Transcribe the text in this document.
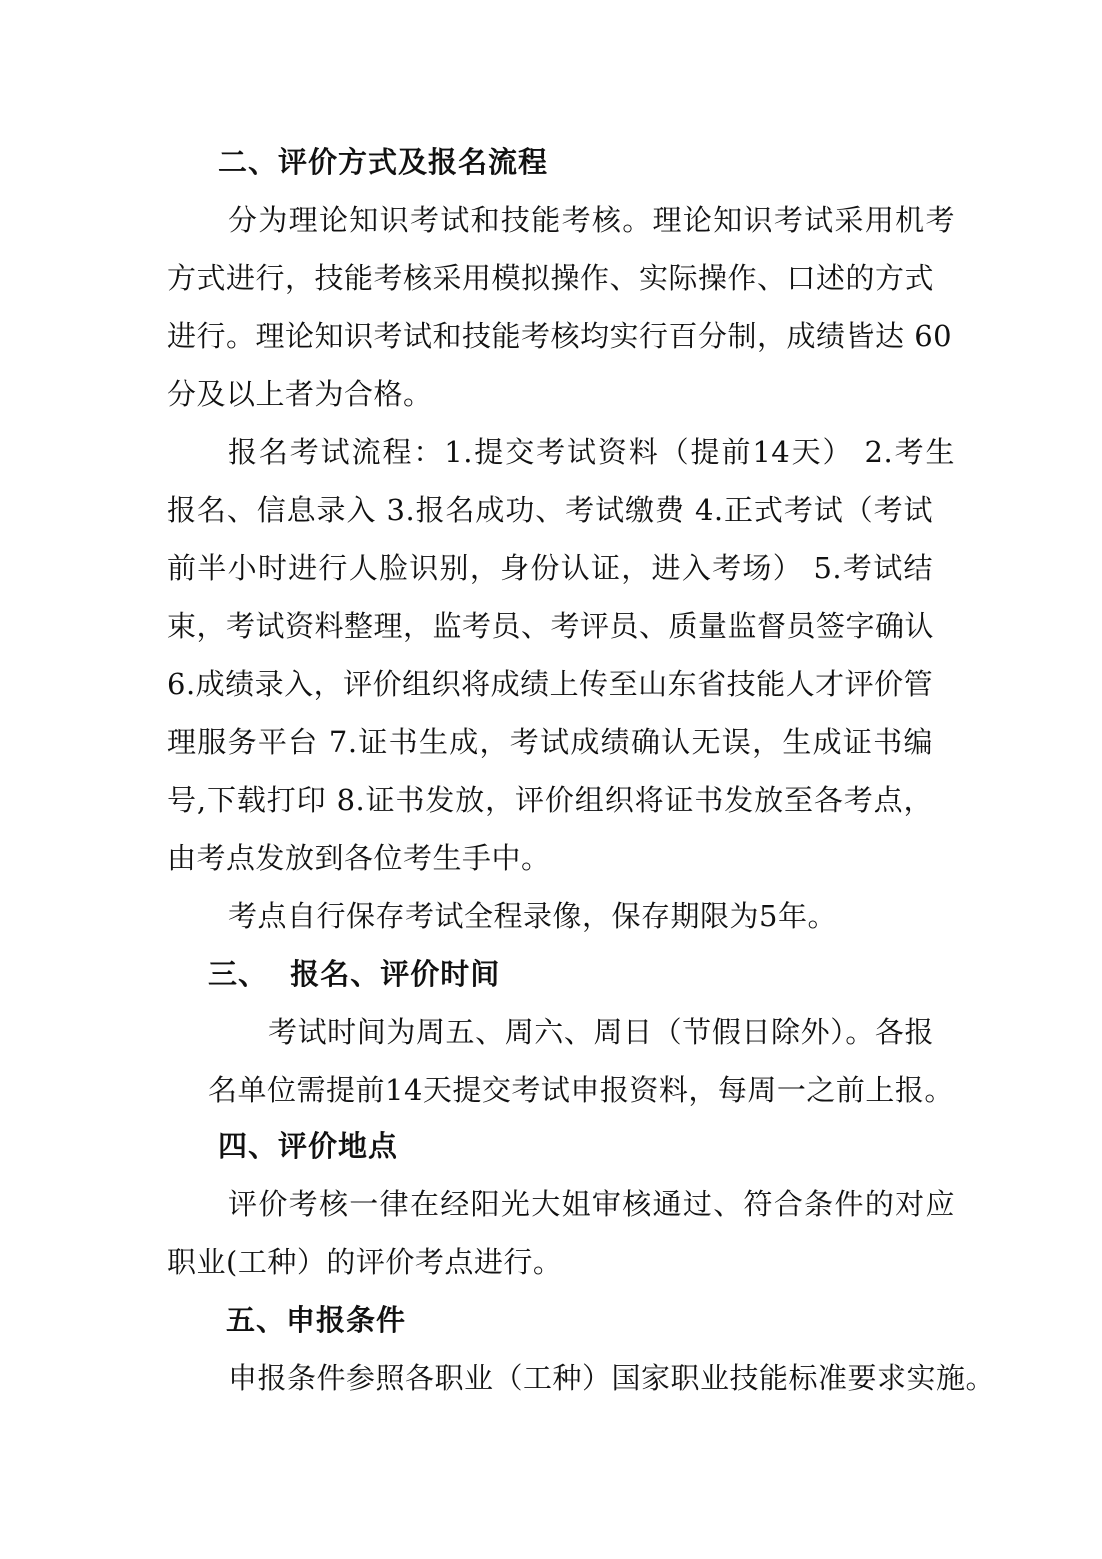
二、评价方式及报名流程
分为理论知识考试和技能考核。理论知识考试采用机考
方式进行，技能考核采用模拟操作、实际操作、口述的方式
进行。理论知识考试和技能考核均实行百分制，成绩皆达 60
分及以上者为合格。
报名考试流程：1.提交考试资料（提前14天） 2.考生
报名、信息录入 3.报名成功、考试缴费 4.正式考试（考试
前半小时进行人脸识别，身份认证，进入考场） 5.考试结
束，考试资料整理，监考员、考评员、质量监督员签字确认
6.成绩录入，评价组织将成绩上传至山东省技能人才评价管
理服务平台 7.证书生成，考试成绩确认无误，生成证书编
号,下载打印 8.证书发放，评价组织将证书发放至各考点，
由考点发放到各位考生手中。
考点自行保存考试全程录像，保存期限为5年。
三、  报名、评价时间
考试时间为周五、周六、周日（节假日除外）。各报
名单位需提前14天提交考试申报资料，每周一之前上报。
四、评价地点
评价考核一律在经阳光大姐审核通过、符合条件的对应
职业(工种）的评价考点进行。
五、申报条件
申报条件参照各职业（工种）国家职业技能标准要求实施。
